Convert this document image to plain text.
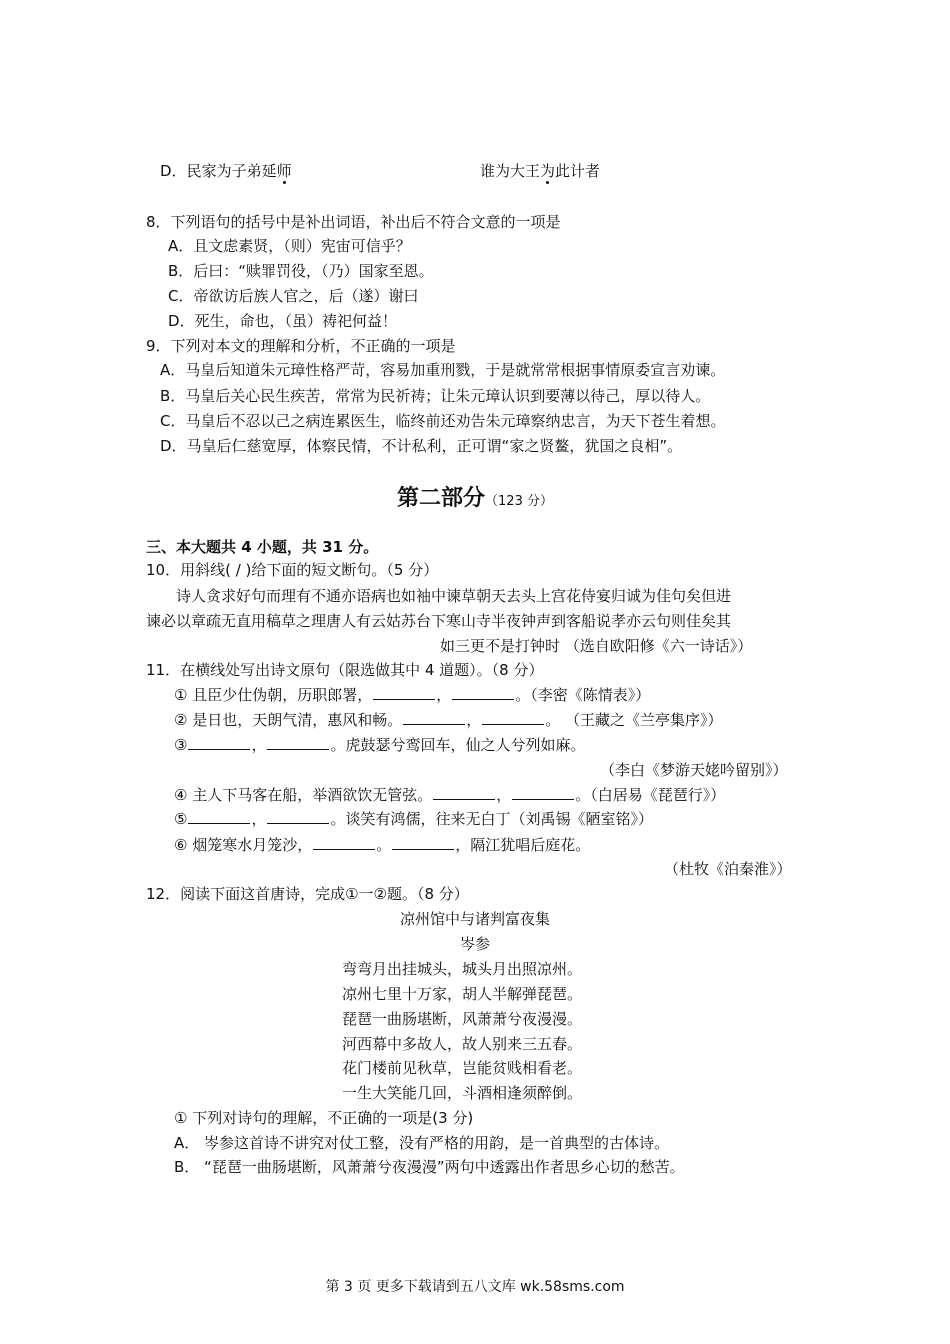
D．民家为子弟延师	谁为大王为此计者
8．下列语句的括号中是补出词语，补出后不符合文意的一项是
A．且文虑素贤，（则）宪宙可信乎？
B．后曰：“赎罪罚役，（乃）国家至恩。
C．帝欲访后族人官之，后（遂）谢曰
D．死生，命也，（虽）祷祀何益！
9．下列对本文的理解和分析，不正确的一项是
A．马皇后知道朱元璋性格严苛，容易加重刑戮，于是就常常根据事情原委宣言劝谏。
B．马皇后关心民生疾苦，常常为民祈祷；让朱元璋认识到要薄以待己，厚以待人。
C．马皇后不忍以己之病连累医生，临终前还劝告朱元璋察纳忠言，为天下苍生着想。
D．马皇后仁慈宽厚，体察民情，不计私利，正可谓“家之贤鳌，犹国之良相”。
第二部分（123 分）
三、本大题共 4 小题，共 31 分。
10．用斜线( / )给下面的短文断句。（5 分）
诗人贪求好句而理有不通亦语病也如袖中谏草朝天去头上宫花侍宴归诚为佳句矣但进
谏必以章疏无直用稿草之理唐人有云姑苏台下寒山寺半夜钟声到客船说孝亦云句则佳矣其
如三更不是打钟时 （选自欧阳修《六一诗话》）
11．在横线处写出诗文原句（限选做其中 4 道题）。（8 分）
① 且臣少仕伪朝，历职郎署，	，	。（李密《陈情表》）
② 是日也，天朗气清，惠风和畅。	，	。 （王藏之《兰亭集序》）
③	，	。虎鼓瑟兮鸾回车，仙之人兮列如麻。
（李白《梦游天姥吟留别》）
④ 主人下马客在船，举酒欲饮无管弦。	，	。（白居易《琵琶行》）
⑤	，	。谈笑有鸿儒，往来无白丁（刘禹锡《陋室铭》）
⑥ 烟笼寒水月笼沙，	。	，隔江犹唱后庭花。
（杜牧《泊秦淮》）
12．阅读下面这首唐诗，完成①一②题。（8 分）
凉州馆中与诸判富夜集
岑参
弯弯月出挂城头，城头月出照凉州。
凉州七里十万家，胡人半解弹琵琶。
琵琶一曲肠堪断，风萧萧兮夜漫漫。
河西幕中多故人，故人别来三五春。
花门楼前见秋草，岂能贫贱相看老。
一生大笑能几回，斗酒相逢须醉倒。
① 下列对诗句的理解，不正确的一项是(3 分)
A． 岑参这首诗不讲究对仗工整，没有严格的用韵，是一首典型的古体诗。
B． “琵琶一曲肠堪断，风萧萧兮夜漫漫”两句中透露出作者思乡心切的愁苦。
第 3 页 更多下载请到五八文库 wk.58sms.com
